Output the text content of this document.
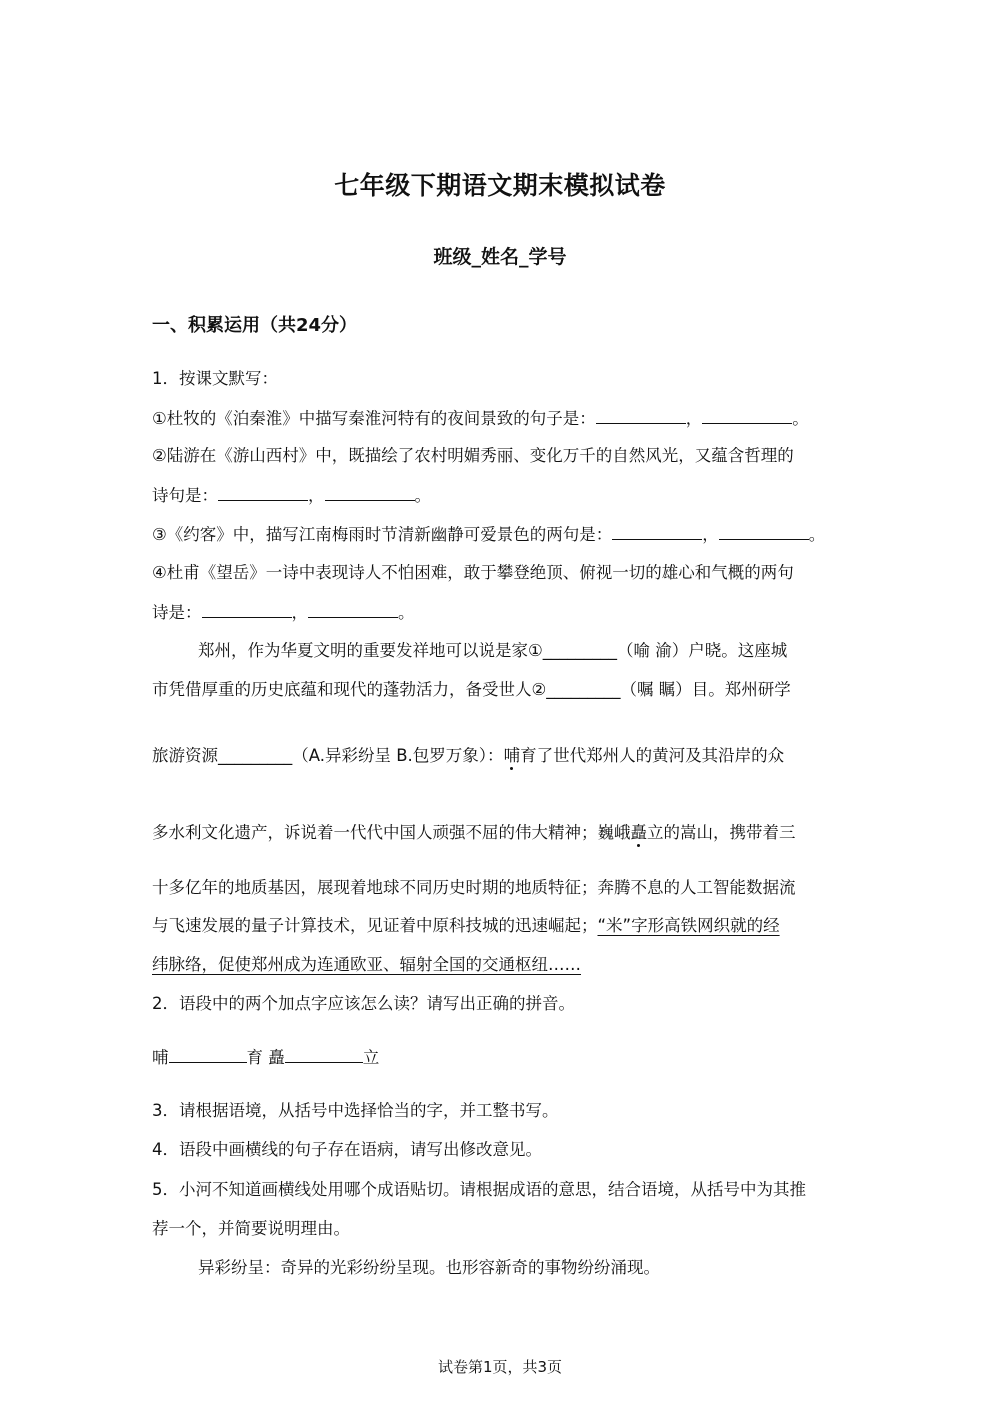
七年级下期语文期末模拟试卷
班级_姓名_学号
一、积累运用（共24分）
1．按课文默写：
①杜牧的《泊秦淮》中描写秦淮河特有的夜间景致的句子是：	，	。
②陆游在《游山西村》中，既描绘了农村明媚秀丽、变化万千的自然风光，又蕴含哲理的
诗句是：	，	。
③《约客》中，描写江南梅雨时节清新幽静可爱景色的两句是：	，	。
④杜甫《望岳》一诗中表现诗人不怕困难，敢于攀登绝顶、俯视一切的雄心和气概的两句
诗是：	，	。
郑州，作为华夏文明的重要发祥地可以说是家①_________（喻 渝）户晓。这座城
市凭借厚重的历史底蕴和现代的蓬勃活力，备受世人②_________（嘱 瞩）目。郑州研学
旅游资源_________（A.异彩纷呈 B.包罗万象）：哺育了世代郑州人的黄河及其沿岸的众
多水利文化遗产，诉说着一代代中国人顽强不屈的伟大精神；巍峨矗立的嵩山，携带着三
十多亿年的地质基因，展现着地球不同历史时期的地质特征；奔腾不息的人工智能数据流
与飞速发展的量子计算技术，见证着中原科技城的迅速崛起；“米”字形高铁网织就的经
纬脉络，促使郑州成为连通欧亚、辐射全国的交通枢纽……
2．语段中的两个加点字应该怎么读？请写出正确的拼音。
哺	育 矗	立
3．请根据语境，从括号中选择恰当的字，并工整书写。
4．语段中画横线的句子存在语病，请写出修改意见。
5．小河不知道画横线处用哪个成语贴切。请根据成语的意思，结合语境，从括号中为其推
荐一个，并简要说明理由。
异彩纷呈：奇异的光彩纷纷呈现。也形容新奇的事物纷纷涌现。
试卷第1页，共3页
